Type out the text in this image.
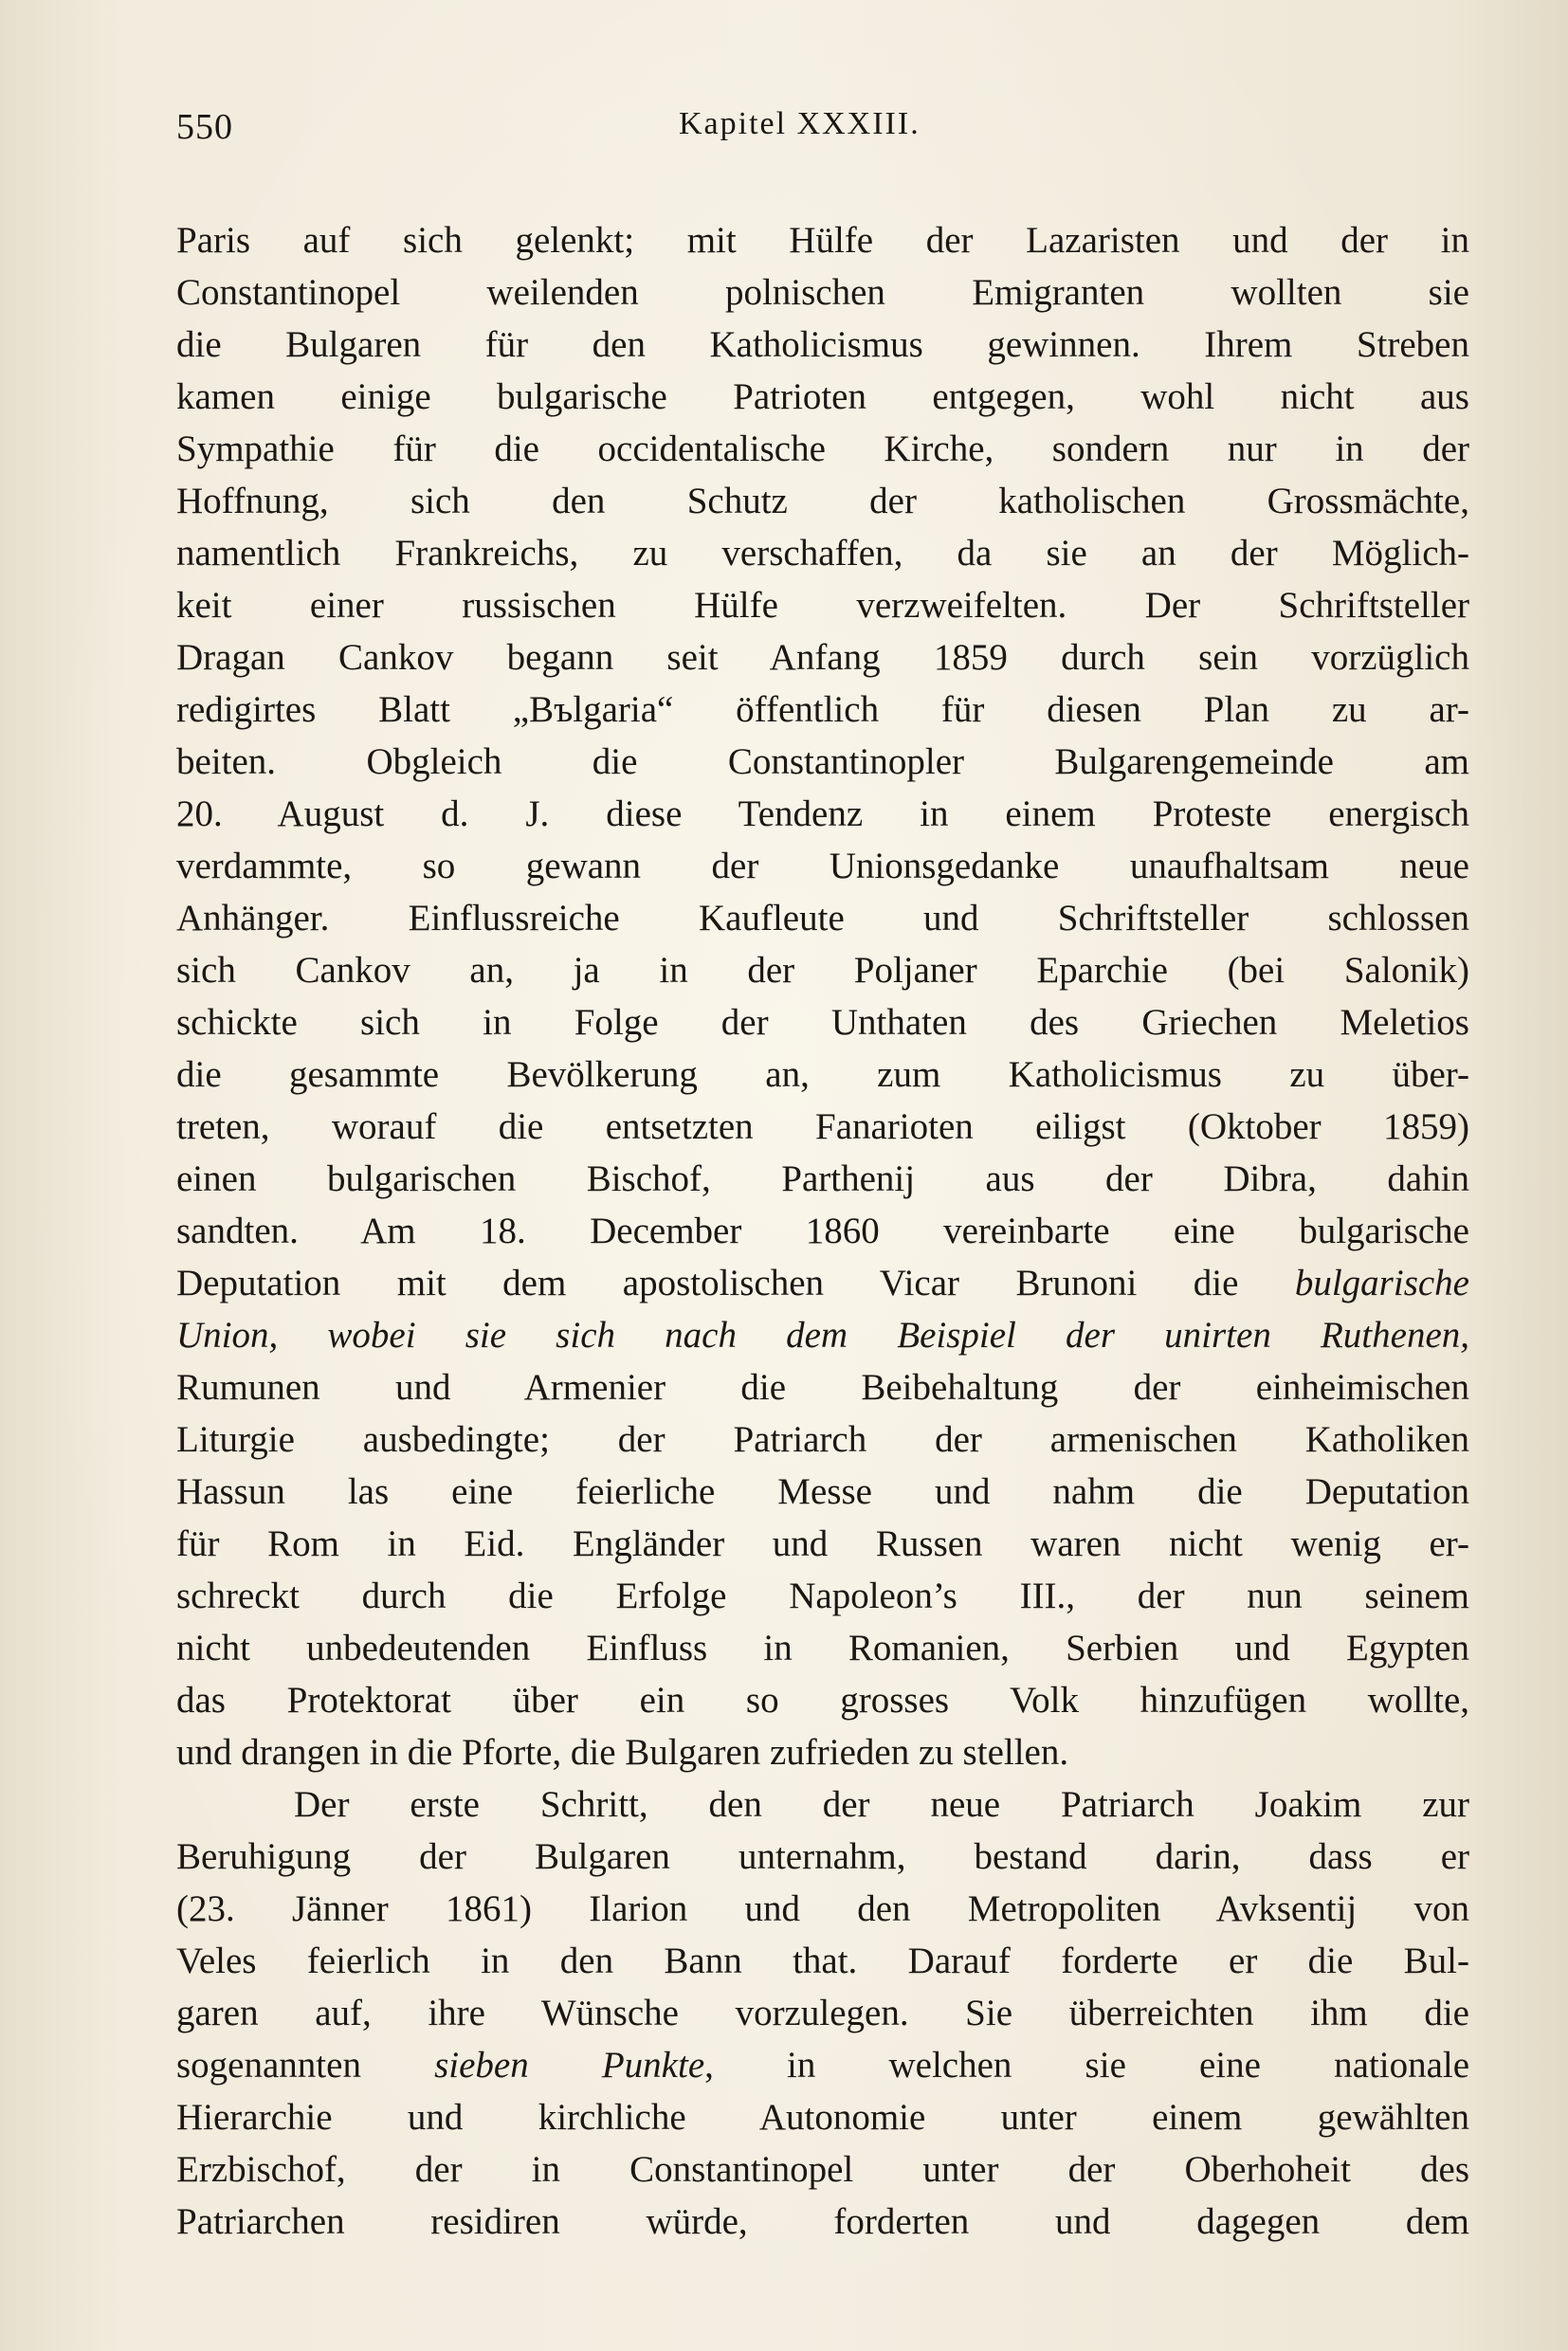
550	Kapitel XXXIII.
Paris auf sich gelenkt; mit Hülfe der Lazaristen und der in
Constantinopel weilenden polnischen Emigranten wollten sie
die Bulgaren für den Katholicismus gewinnen. Ihrem Streben
kamen einige bulgarische Patrioten entgegen, wohl nicht aus
Sympathie für die occidentalische Kirche, sondern nur in der
Hoffnung, sich den Schutz der katholischen Grossmächte,
namentlich Frankreichs, zu verschaffen, da sie an der Möglich-
keit einer russischen Hülfe verzweifelten. Der Schriftsteller
Dragan Cankov begann seit Anfang 1859 durch sein vorzüglich
redigirtes Blatt „Bъlgaria“ öffentlich für diesen Plan zu ar-
beiten. Obgleich die Constantinopler Bulgarengemeinde am
20. August d. J. diese Tendenz in einem Proteste energisch
verdammte, so gewann der Unionsgedanke unaufhaltsam neue
Anhänger. Einflussreiche Kaufleute und Schriftsteller schlossen
sich Cankov an, ja in der Poljaner Eparchie (bei Salonik)
schickte sich in Folge der Unthaten des Griechen Meletios
die gesammte Bevölkerung an, zum Katholicismus zu über-
treten, worauf die entsetzten Fanarioten eiligst (Oktober 1859)
einen bulgarischen Bischof, Parthenij aus der Dibra, dahin
sandten. Am 18. December 1860 vereinbarte eine bulgarische
Deputation mit dem apostolischen Vicar Brunoni die bulgarische
Union, wobei sie sich nach dem Beispiel der unirten Ruthenen,
Rumunen und Armenier die Beibehaltung der einheimischen
Liturgie ausbedingte; der Patriarch der armenischen Katholiken
Hassun las eine feierliche Messe und nahm die Deputation
für Rom in Eid. Engländer und Russen waren nicht wenig er-
schreckt durch die Erfolge Napoleon’s III., der nun seinem
nicht unbedeutenden Einfluss in Romanien, Serbien und Egypten
das Protektorat über ein so grosses Volk hinzufügen wollte,
und drangen in die Pforte, die Bulgaren zufrieden zu stellen.
Der erste Schritt, den der neue Patriarch Joakim zur
Beruhigung der Bulgaren unternahm, bestand darin, dass er
(23. Jänner 1861) Ilarion und den Metropoliten Avksentij von
Veles feierlich in den Bann that. Darauf forderte er die Bul-
garen auf, ihre Wünsche vorzulegen. Sie überreichten ihm die
sogenannten sieben Punkte, in welchen sie eine nationale
Hierarchie und kirchliche Autonomie unter einem gewählten
Erzbischof, der in Constantinopel unter der Oberhoheit des
Patriarchen residiren würde, forderten und dagegen dem
